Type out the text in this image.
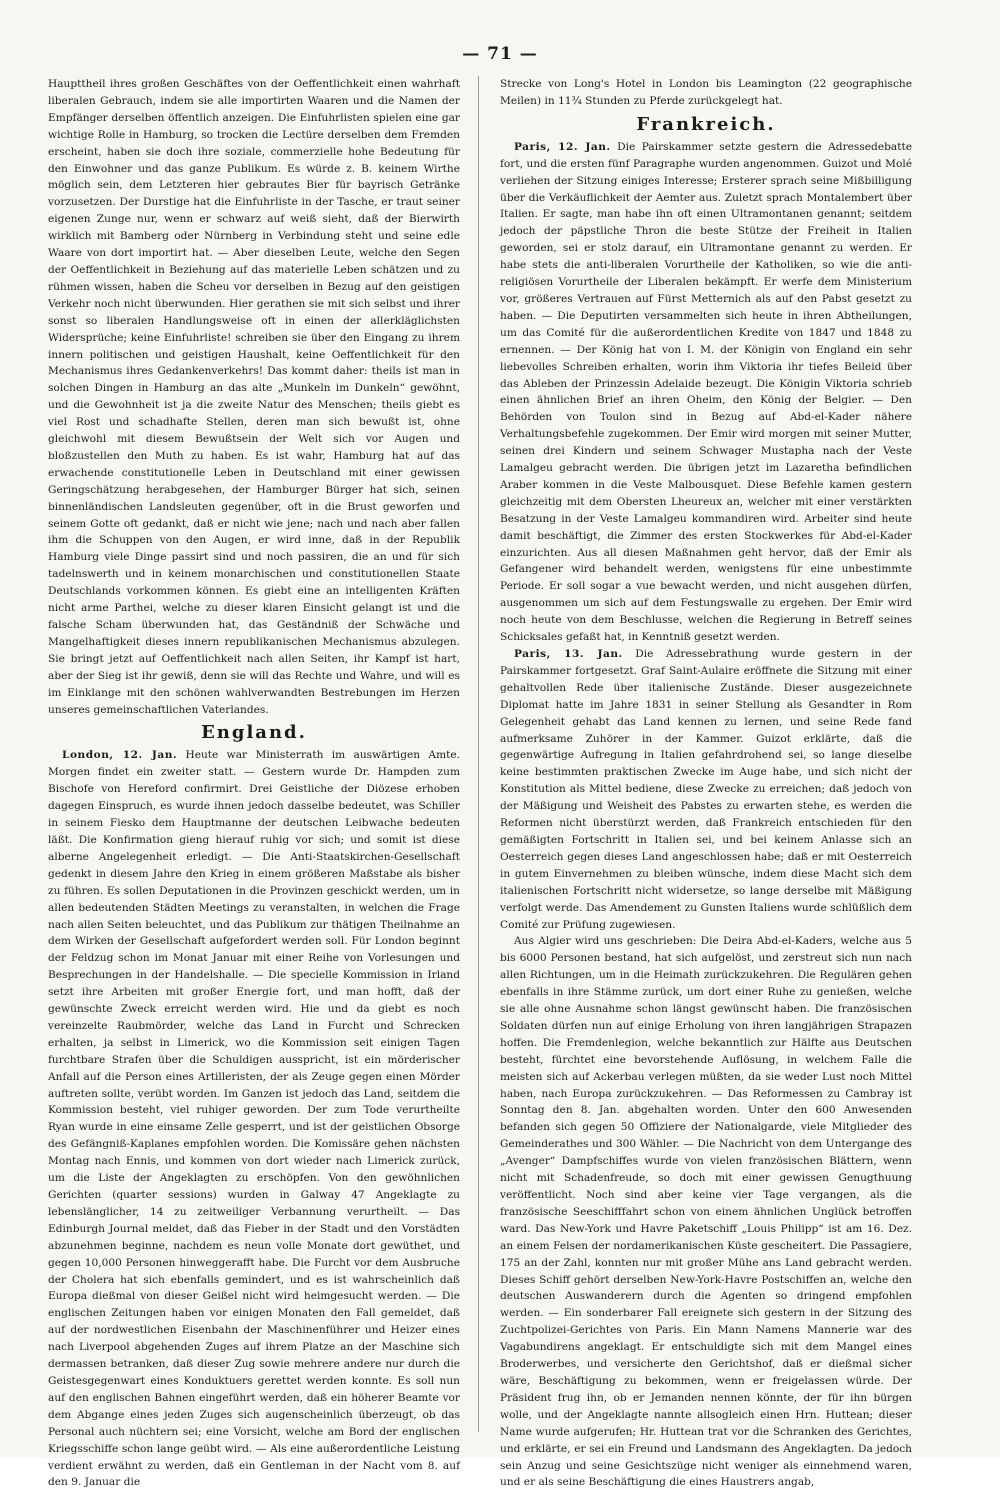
— 71 —

Haupttheil ihres großen Geschäftes von der Oeffentlichkeit einen wahrhaft liberalen Gebrauch, indem sie alle importirten Waaren und die Namen der Empfänger derselben öffentlich anzeigen. Die Einfuhrlisten spielen eine gar wichtige Rolle in Hamburg, so trocken die Lectüre derselben dem Fremden erscheint, haben sie doch ihre soziale, commerzielle hohe Bedeutung für den Einwohner und das ganze Publikum. Es würde z. B. keinem Wirthe möglich sein, dem Letzteren hier gebrautes Bier für bayrisch Getränke vorzusetzen. Der Durstige hat die Einfuhrliste in der Tasche, er traut seiner eigenen Zunge nur, wenn er schwarz auf weiß sieht, daß der Bierwirth wirklich mit Bamberg oder Nürnberg in Verbindung steht und seine edle Waare von dort importirt hat. — Aber dieselben Leute, welche den Segen der Oeffentlichkeit in Beziehung auf das materielle Leben schätzen und zu rühmen wissen, haben die Scheu vor derselben in Bezug auf den geistigen Verkehr noch nicht überwunden. Hier gerathen sie mit sich selbst und ihrer sonst so liberalen Handlungsweise oft in einen der allerkläglichsten Widersprüche; keine Einfuhrliste! schreiben sie über den Eingang zu ihrem innern politischen und geistigen Haushalt, keine Oeffentlichkeit für den Mechanismus ihres Gedankenverkehrs! Das kommt daher: theils ist man in solchen Dingen in Hamburg an das alte „Munkeln im Dunkeln“ gewöhnt, und die Gewohnheit ist ja die zweite Natur des Menschen; theils giebt es viel Rost und schadhafte Stellen, deren man sich bewußt ist, ohne gleichwohl mit diesem Bewußtsein der Welt sich vor Augen und bloßzustellen den Muth zu haben. Es ist wahr, Hamburg hat auf das erwachende constitutionelle Leben in Deutschland mit einer gewissen Geringschätzung herabgesehen, der Hamburger Bürger hat sich, seinen binnenländischen Landsleuten gegenüber, oft in die Brust geworfen und seinem Gotte oft gedankt, daß er nicht wie jene; nach und nach aber fallen ihm die Schuppen von den Augen, er wird inne, daß in der Republik Hamburg viele Dinge passirt sind und noch passiren, die an und für sich tadelnswerth und in keinem monarchischen und constitutionellen Staate Deutschlands vorkommen können. Es giebt eine an intelligenten Kräften nicht arme Parthei, welche zu dieser klaren Einsicht gelangt ist und die falsche Scham überwunden hat, das Geständniß der Schwäche und Mangelhaftigkeit dieses innern republikanischen Mechanismus abzulegen. Sie bringt jetzt auf Oeffentlichkeit nach allen Seiten, ihr Kampf ist hart, aber der Sieg ist ihr gewiß, denn sie will das Rechte und Wahre, und will es im Einklange mit den schönen wahlverwandten Bestrebungen im Herzen unseres gemeinschaftlichen Vaterlandes.

England.

London, 12. Jan. Heute war Ministerrath im auswärtigen Amte. Morgen findet ein zweiter statt. — Gestern wurde Dr. Hampden zum Bischofe von Hereford confirmirt. Drei Geistliche der Diözese erhoben dagegen Einspruch, es wurde ihnen jedoch dasselbe bedeutet, was Schiller in seinem Fiesko dem Hauptmanne der deutschen Leibwache bedeuten läßt. Die Konfirmation gieng hierauf ruhig vor sich; und somit ist diese alberne Angelegenheit erledigt. — Die Anti-Staatskirchen-Gesellschaft gedenkt in diesem Jahre den Krieg in einem größeren Maßstabe als bisher zu führen. Es sollen Deputationen in die Provinzen geschickt werden, um in allen bedeutenden Städten Meetings zu veranstalten, in welchen die Frage nach allen Seiten beleuchtet, und das Publikum zur thätigen Theilnahme an dem Wirken der Gesellschaft aufgefordert werden soll. Für London beginnt der Feldzug schon im Monat Januar mit einer Reihe von Vorlesungen und Besprechungen in der Handelshalle. — Die specielle Kommission in Irland setzt ihre Arbeiten mit großer Energie fort, und man hofft, daß der gewünschte Zweck erreicht werden wird. Hie und da giebt es noch vereinzelte Raubmörder, welche das Land in Furcht und Schrecken erhalten, ja selbst in Limerick, wo die Kommission seit einigen Tagen furchtbare Strafen über die Schuldigen ausspricht, ist ein mörderischer Anfall auf die Person eines Artilleristen, der als Zeuge gegen einen Mörder auftreten sollte, verübt worden. Im Ganzen ist jedoch das Land, seitdem die Kommission besteht, viel ruhiger geworden. Der zum Tode verurtheilte Ryan wurde in eine einsame Zelle gesperrt, und ist der geistlichen Obsorge des Gefängniß-Kaplanes empfohlen worden. Die Komissäre gehen nächsten Montag nach Ennis, und kommen von dort wieder nach Limerick zurück, um die Liste der Angeklagten zu erschöpfen. Von den gewöhnlichen Gerichten (quarter sessions) wurden in Galway 47 Angeklagte zu lebenslänglicher, 14 zu zeitweiliger Verbannung verurtheilt. — Das Edinburgh Journal meldet, daß das Fieber in der Stadt und den Vorstädten abzunehmen beginne, nachdem es neun volle Monate dort gewüthet, und gegen 10,000 Personen hinweggerafft habe. Die Furcht vor dem Ausbruche der Cholera hat sich ebenfalls gemindert, und es ist wahrscheinlich daß Europa dießmal von dieser Geißel nicht wird heimgesucht werden. — Die englischen Zeitungen haben vor einigen Monaten den Fall gemeldet, daß auf der nordwestlichen Eisenbahn der Maschinenführer und Heizer eines nach Liverpool abgehenden Zuges auf ihrem Platze an der Maschine sich dermassen betranken, daß dieser Zug sowie mehrere andere nur durch die Geistesgegenwart eines Konduktuers gerettet werden konnte. Es soll nun auf den englischen Bahnen eingeführt werden, daß ein höherer Beamte vor dem Abgange eines jeden Zuges sich augenscheinlich überzeugt, ob das Personal auch nüchtern sei; eine Vorsicht, welche am Bord der englischen Kriegsschiffe schon lange geübt wird. — Als eine außerordentliche Leistung verdient erwähnt zu werden, daß ein Gentleman in der Nacht vom 8. auf den 9. Januar die

Strecke von Long's Hotel in London bis Leamington (22 geographische Meilen) in 11¾ Stunden zu Pferde zurückgelegt hat.

Frankreich.

Paris, 12. Jan. Die Pairskammer setzte gestern die Adressedebatte fort, und die ersten fünf Paragraphe wurden angenommen. Guizot und Molé verliehen der Sitzung einiges Interesse; Ersterer sprach seine Mißbilligung über die Verkäuflichkeit der Aemter aus. Zuletzt sprach Montalembert über Italien. Er sagte, man habe ihn oft einen Ultramontanen genannt; seitdem jedoch der päpstliche Thron die beste Stütze der Freiheit in Italien geworden, sei er stolz darauf, ein Ultramontane genannt zu werden. Er habe stets die anti-liberalen Vorurtheile der Katholiken, so wie die anti-religiösen Vorurtheile der Liberalen bekämpft. Er werfe dem Ministerium vor, größeres Vertrauen auf Fürst Metternich als auf den Pabst gesetzt zu haben. — Die Deputirten versammelten sich heute in ihren Abtheilungen, um das Comité für die außerordentlichen Kredite von 1847 und 1848 zu ernennen. — Der König hat von I. M. der Königin von England ein sehr liebevolles Schreiben erhalten, worin ihm Viktoria ihr tiefes Beileid über das Ableben der Prinzessin Adelaide bezeugt. Die Königin Viktoria schrieb einen ähnlichen Brief an ihren Oheim, den König der Belgier. — Den Behörden von Toulon sind in Bezug auf Abd-el-Kader nähere Verhaltungsbefehle zugekommen. Der Emir wird morgen mit seiner Mutter, seinen drei Kindern und seinem Schwager Mustapha nach der Veste Lamalgeu gebracht werden. Die übrigen jetzt im Lazaretha befindlichen Araber kommen in die Veste Malbousquet. Diese Befehle kamen gestern gleichzeitig mit dem Obersten Lheureux an, welcher mit einer verstärkten Besatzung in der Veste Lamalgeu kommandiren wird. Arbeiter sind heute damit beschäftigt, die Zimmer des ersten Stockwerkes für Abd-el-Kader einzurichten. Aus all diesen Maßnahmen geht hervor, daß der Emir als Gefangener wird behandelt werden, wenigstens für eine unbestimmte Periode. Er soll sogar a vue bewacht werden, und nicht ausgehen dürfen, ausgenommen um sich auf dem Festungswalle zu ergehen. Der Emir wird noch heute von dem Beschlusse, welchen die Regierung in Betreff seines Schicksales gefaßt hat, in Kenntniß gesetzt werden.

Paris, 13. Jan. Die Adressebrathung wurde gestern in der Pairskammer fortgesetzt. Graf Saint-Aulaire eröffnete die Sitzung mit einer gehaltvollen Rede über italienische Zustände. Dieser ausgezeichnete Diplomat hatte im Jahre 1831 in seiner Stellung als Gesandter in Rom Gelegenheit gehabt das Land kennen zu lernen, und seine Rede fand aufmerksame Zuhörer in der Kammer. Guizot erklärte, daß die gegenwärtige Aufregung in Italien gefahrdrohend sei, so lange dieselbe keine bestimmten praktischen Zwecke im Auge habe, und sich nicht der Konstitution als Mittel bediene, diese Zwecke zu erreichen; daß jedoch von der Mäßigung und Weisheit des Pabstes zu erwarten stehe, es werden die Reformen nicht überstürzt werden, daß Frankreich entschieden für den gemäßigten Fortschritt in Italien sei, und bei keinem Anlasse sich an Oesterreich gegen dieses Land angeschlossen habe; daß er mit Oesterreich in gutem Einvernehmen zu bleiben wünsche, indem diese Macht sich dem italienischen Fortschritt nicht widersetze, so lange derselbe mit Mäßigung verfolgt werde. Das Amendement zu Gunsten Italiens wurde schlüßlich dem Comité zur Prüfung zugewiesen.

Aus Algier wird uns geschrieben: Die Deira Abd-el-Kaders, welche aus 5 bis 6000 Personen bestand, hat sich aufgelöst, und zerstreut sich nun nach allen Richtungen, um in die Heimath zurückzukehren. Die Regulären gehen ebenfalls in ihre Stämme zurück, um dort einer Ruhe zu genießen, welche sie alle ohne Ausnahme schon längst gewünscht haben. Die französischen Soldaten dürfen nun auf einige Erholung von ihren langjährigen Strapazen hoffen. Die Fremdenlegion, welche bekanntlich zur Hälfte aus Deutschen besteht, fürchtet eine bevorstehende Auflösung, in welchem Falle die meisten sich auf Ackerbau verlegen müßten, da sie weder Lust noch Mittel haben, nach Europa zurückzukehren. — Das Reformessen zu Cambray ist Sonntag den 8. Jan. abgehalten worden. Unter den 600 Anwesenden befanden sich gegen 50 Offiziere der Nationalgarde, viele Mitglieder des Gemeinderathes und 300 Wähler. — Die Nachricht von dem Untergange des „Avenger“ Dampfschiffes wurde von vielen französischen Blättern, wenn nicht mit Schadenfreude, so doch mit einer gewissen Genugthuung veröffentlicht. Noch sind aber keine vier Tage vergangen, als die französische Seeschifffahrt schon von einem ähnlichen Unglück betroffen ward. Das New-York und Havre Paketschiff „Louis Philipp“ ist am 16. Dez. an einem Felsen der nordamerikanischen Küste gescheitert. Die Passagiere, 175 an der Zahl, konnten nur mit großer Mühe ans Land gebracht werden. Dieses Schiff gehört derselben New-York-Havre Postschiffen an, welche den deutschen Auswanderern durch die Agenten so dringend empfohlen werden. — Ein sonderbarer Fall ereignete sich gestern in der Sitzung des Zuchtpolizei-Gerichtes von Paris. Ein Mann Namens Mannerie war des Vagabundirens angeklagt. Er entschuldigte sich mit dem Mangel eines Broderwerbes, und versicherte den Gerichtshof, daß er dießmal sicher wäre, Beschäftigung zu bekommen, wenn er freigelassen würde. Der Präsident frug ihn, ob er Jemanden nennen könnte, der für ihn bürgen wolle, und der Angeklagte nannte allsogleich einen Hrn. Huttean; dieser Name wurde aufgerufen; Hr. Huttean trat vor die Schranken des Gerichtes, und erklärte, er sei ein Freund und Landsmann des Angeklagten. Da jedoch sein Anzug und seine Gesichtszüge nicht weniger als einnehmend waren, und er als seine Beschäftigung die eines Haustrers angab,
